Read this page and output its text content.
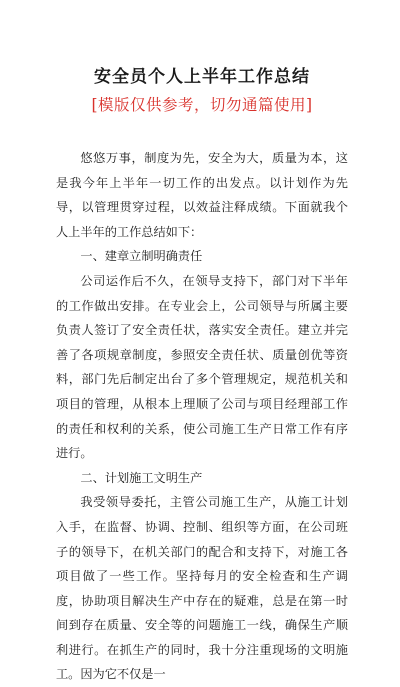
安全员个人上半年工作总结
[模版仅供参考，切勿通篇使用]

悠悠万事，制度为先，安全为大，质量为本，这是我今年上半年一切工作的出发点。以计划作为先导，以管理贯穿过程，以效益注释成绩。下面就我个人上半年的工作总结如下：

一、建章立制明确责任

公司运作后不久，在领导支持下，部门对下半年的工作做出安排。在专业会上，公司领导与所属主要负责人签订了安全责任状，落实安全责任。建立并完善了各项规章制度，参照安全责任状、质量创优等资料，部门先后制定出台了多个管理规定，规范机关和项目的管理，从根本上理顺了公司与项目经理部工作的责任和权利的关系，使公司施工生产日常工作有序进行。

二、计划施工文明生产

我受领导委托，主管公司施工生产，从施工计划入手，在监督、协调、控制、组织等方面，在公司班子的领导下，在机关部门的配合和支持下，对施工各项目做了一些工作。坚持每月的安全检查和生产调度，协助项目解决生产中存在的疑难，总是在第一时间到存在质量、安全等的问题施工一线，确保生产顺利进行。在抓生产的同时，我十分注重现场的文明施工。因为它不仅是一
